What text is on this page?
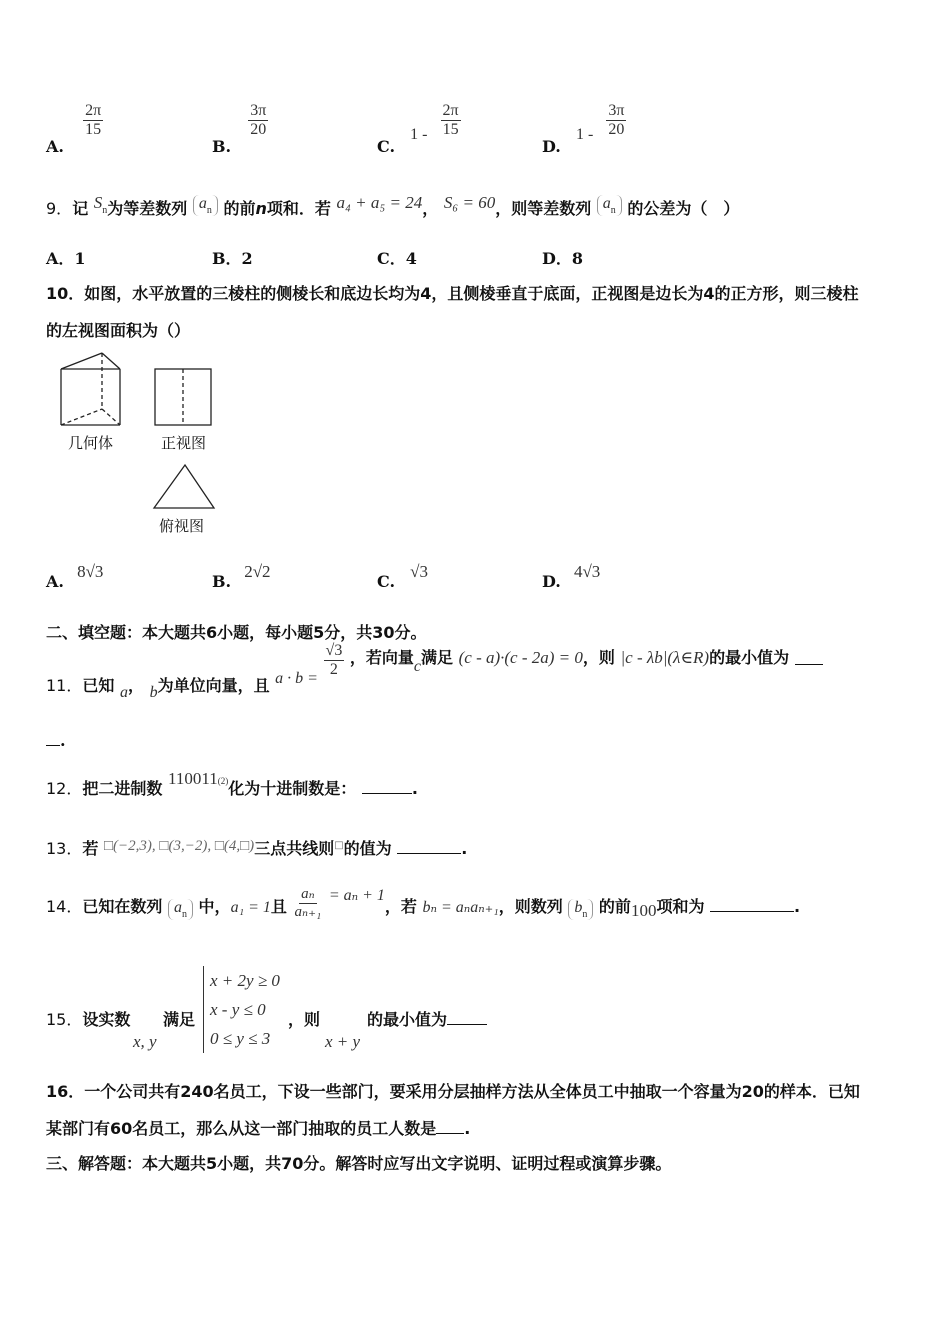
A.
$\frac{2\pi}{15}$
B.
$\frac{3\pi}{20}$
C. $1 - \frac{2\pi}{15}$
D. $1 - \frac{3\pi}{20}$
9．记 $S_n$为等差数列 $a_n$ 的前n项和．若 a₄ + a₅ = 24， S₆ = 60，则等差数列 $a_n$ 的公差为（　）
A．1	B．2	C．4	D．8
10．如图，水平放置的三棱柱的侧棱长和底边长均为4，且侧棱垂直于底面，正视图是边长为4的正方形，则三棱柱
的左视图面积为（）
几何体	正视图
俯视图
A. 8√3
B. 2√2
C. √3
D. 4√3
二、填空题：本大题共6小题，每小题5分，共30分。
11．已知 a， b为单位向量，且 $a \cdot b = \frac{√3}{2}$ ，若向量c满足 (c - a)·(c - 2a) = 0，则 |c - λb|(λ∈R)的最小值为
.
12．把二进制数 110011(2)化为十进制数是：	.
13．若 □(−2,3), □(3,−2), □(4,□)三点共线则□的值为	.
14．已知在数列 $a_n$ 中，a₁ = 1且 $\frac{\text{aₙ}}{\text{aₙ₊₁}} = a_n + 1$，若 bₙ = aₙaₙ₊₁，则数列 $b_n$ 的前100项和为	.
15．设实数 满足
x, y
x + 2y ≥ 0
x - y ≤ 0
0 ≤ y ≤ 3
，则
x + y
的最小值为
16．一个公司共有240名员工，下设一些部门，要采用分层抽样方法从全体员工中抽取一个容量为20的样本．已知
某部门有60名员工，那么从这一部门抽取的员工人数是 .
三、解答题：本大题共5小题，共70分。解答时应写出文字说明、证明过程或演算步骤。
